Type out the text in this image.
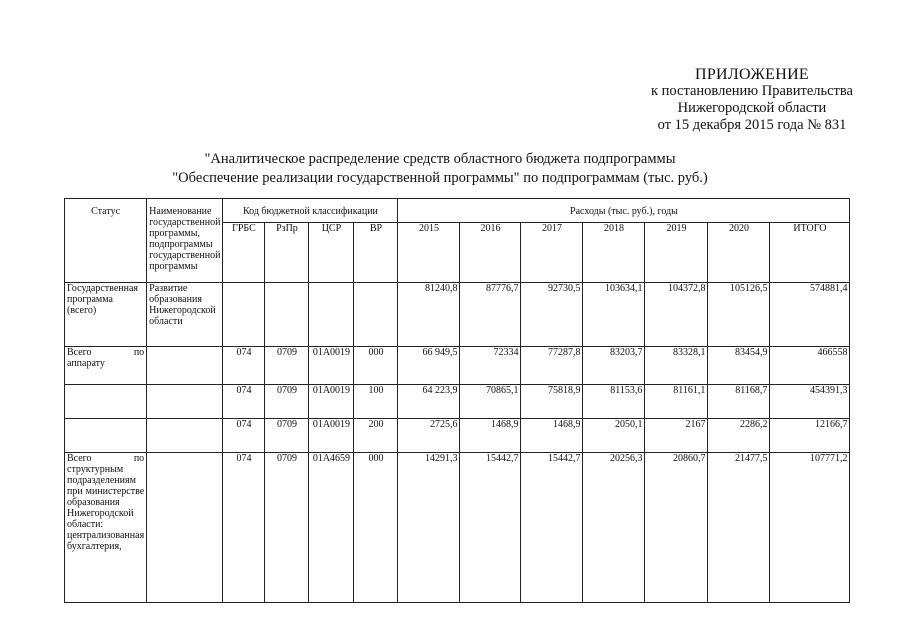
ПРИЛОЖЕНИЕ
к постановлению Правительства
Нижегородской области
от 15 декабря 2015 года № 831
"Аналитическое распределение средств областного бюджета подпрограммы
"Обеспечение реализации государственной программы" по подпрограммам (тыс. руб.)
Статус	Наименование государственной программы, подпрограммы государственной программы	Код бюджетной классификации				Расходы (тыс. руб.), годы						
		ГРБС	РзПр	ЦСР	ВР	2015	2016	2017	2018	2019	2020	ИТОГО
Государственная программа (всего)	Развитие образования Нижегородской области					81240,8	87776,7	92730,5	103634,1	104372,8	105126,5	574881,4
Всего по аппарату		074	0709	01А0019	000	66 949,5	72334	77287,8	83203,7	83328,1	83454,9	466558
		074	0709	01А0019	100	64 223,9	70865,1	75818,9	81153,6	81161,1	81168,7	454391,3
		074	0709	01А0019	200	2725,6	1468,9	1468,9	2050,1	2167	2286,2	12166,7
Всего по структурным подразделениям при министерстве образования Нижегородской области: централизованная бухгалтерия,		074	0709	01А4659	000	14291,3	15442,7	15442,7	20256,3	20860,7	21477,5	107771,2
